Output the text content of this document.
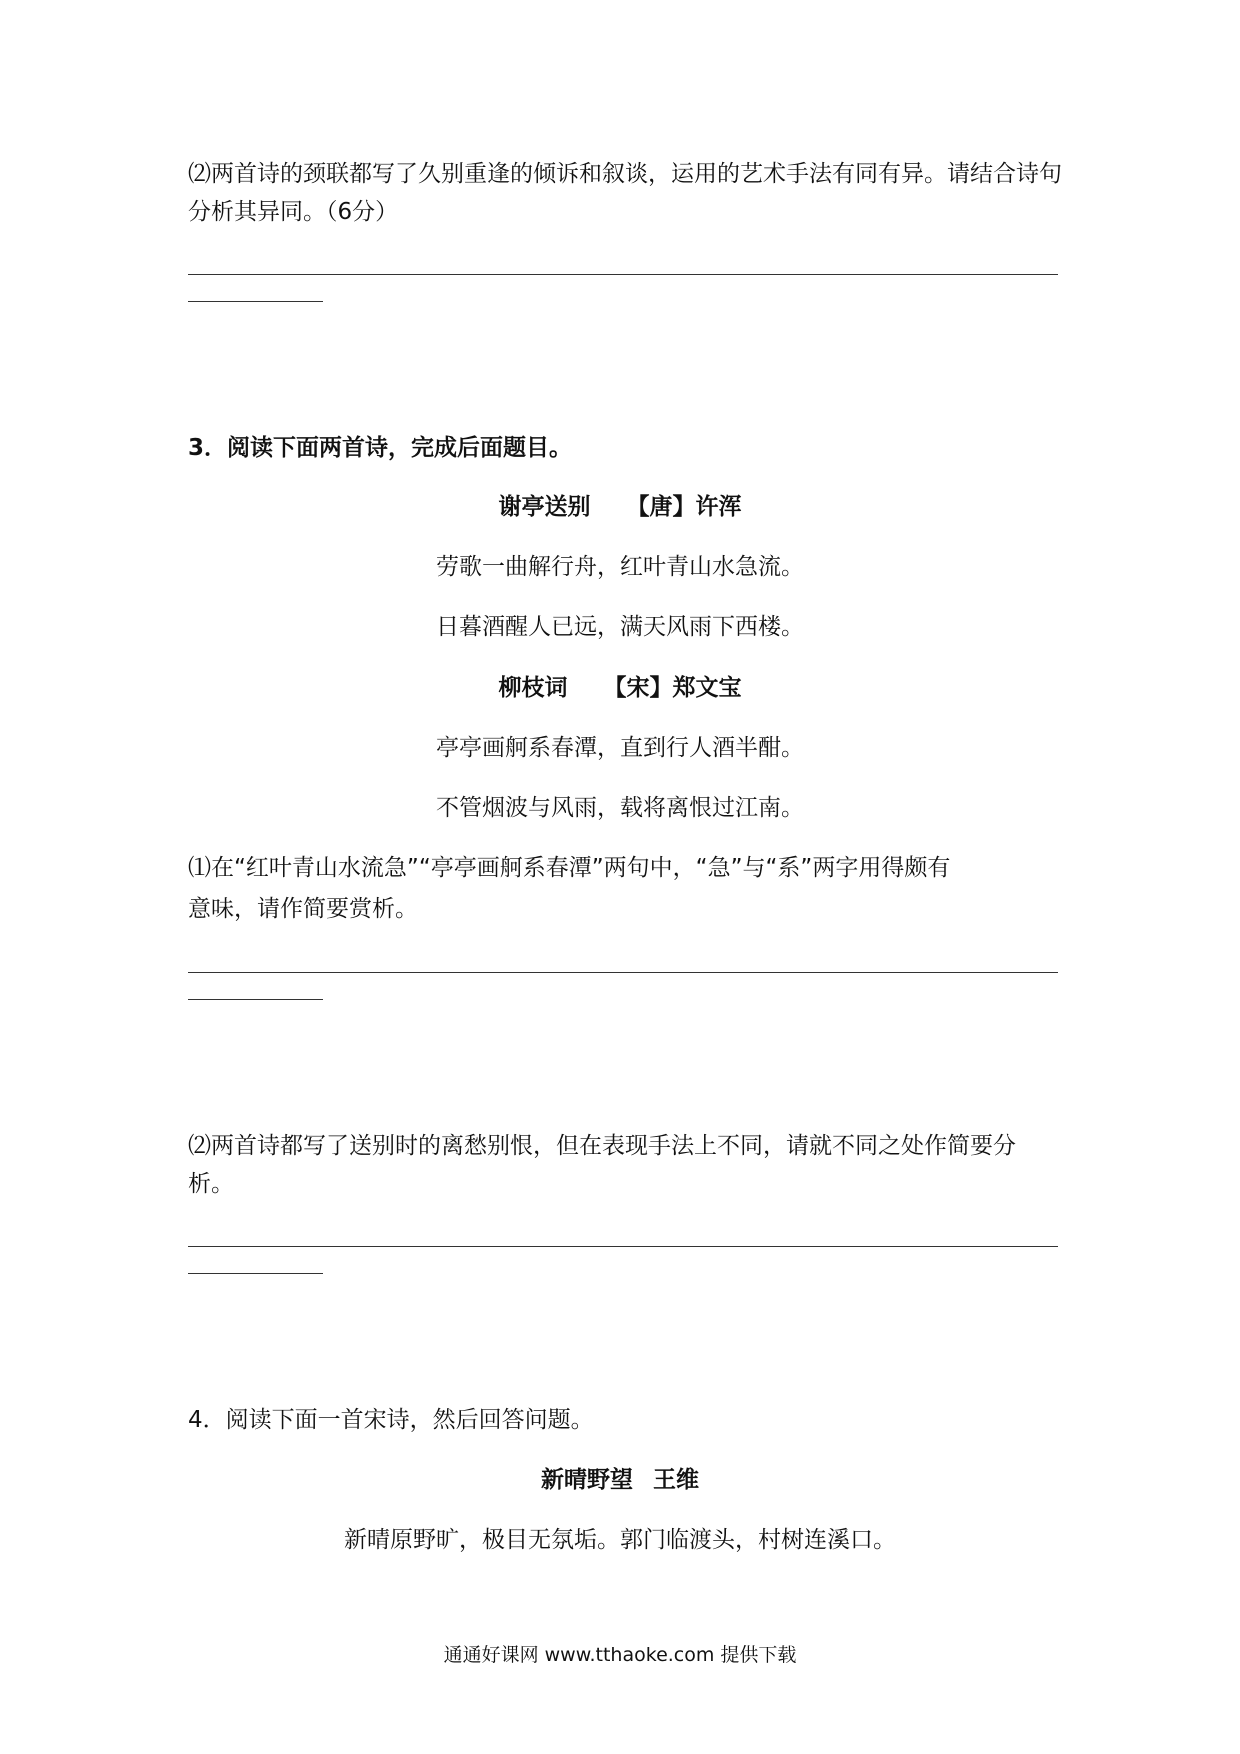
⑵两首诗的颈联都写了久别重逢的倾诉和叙谈，运用的艺术手法有同有异。请结合诗句
分析其异同。（6分）
3．阅读下面两首诗，完成后面题目。
谢亭送别 【唐】许浑
劳歌一曲解行舟，红叶青山水急流。
日暮酒醒人已远，满天风雨下西楼。
柳枝词 【宋】郑文宝
亭亭画舸系春潭，直到行人酒半酣。
不管烟波与风雨，载将离恨过江南。
⑴在“红叶青山水流急”“亭亭画舸系春潭”两句中，“急”与“系”两字用得颇有
意味，请作简要赏析。
⑵两首诗都写了送别时的离愁别恨，但在表现手法上不同，请就不同之处作简要分
析。
4．阅读下面一首宋诗，然后回答问题。
新晴野望 王维
新晴原野旷，极目无氛垢。郭门临渡头，村树连溪口。
通通好课网 www.tthaoke.com 提供下载
